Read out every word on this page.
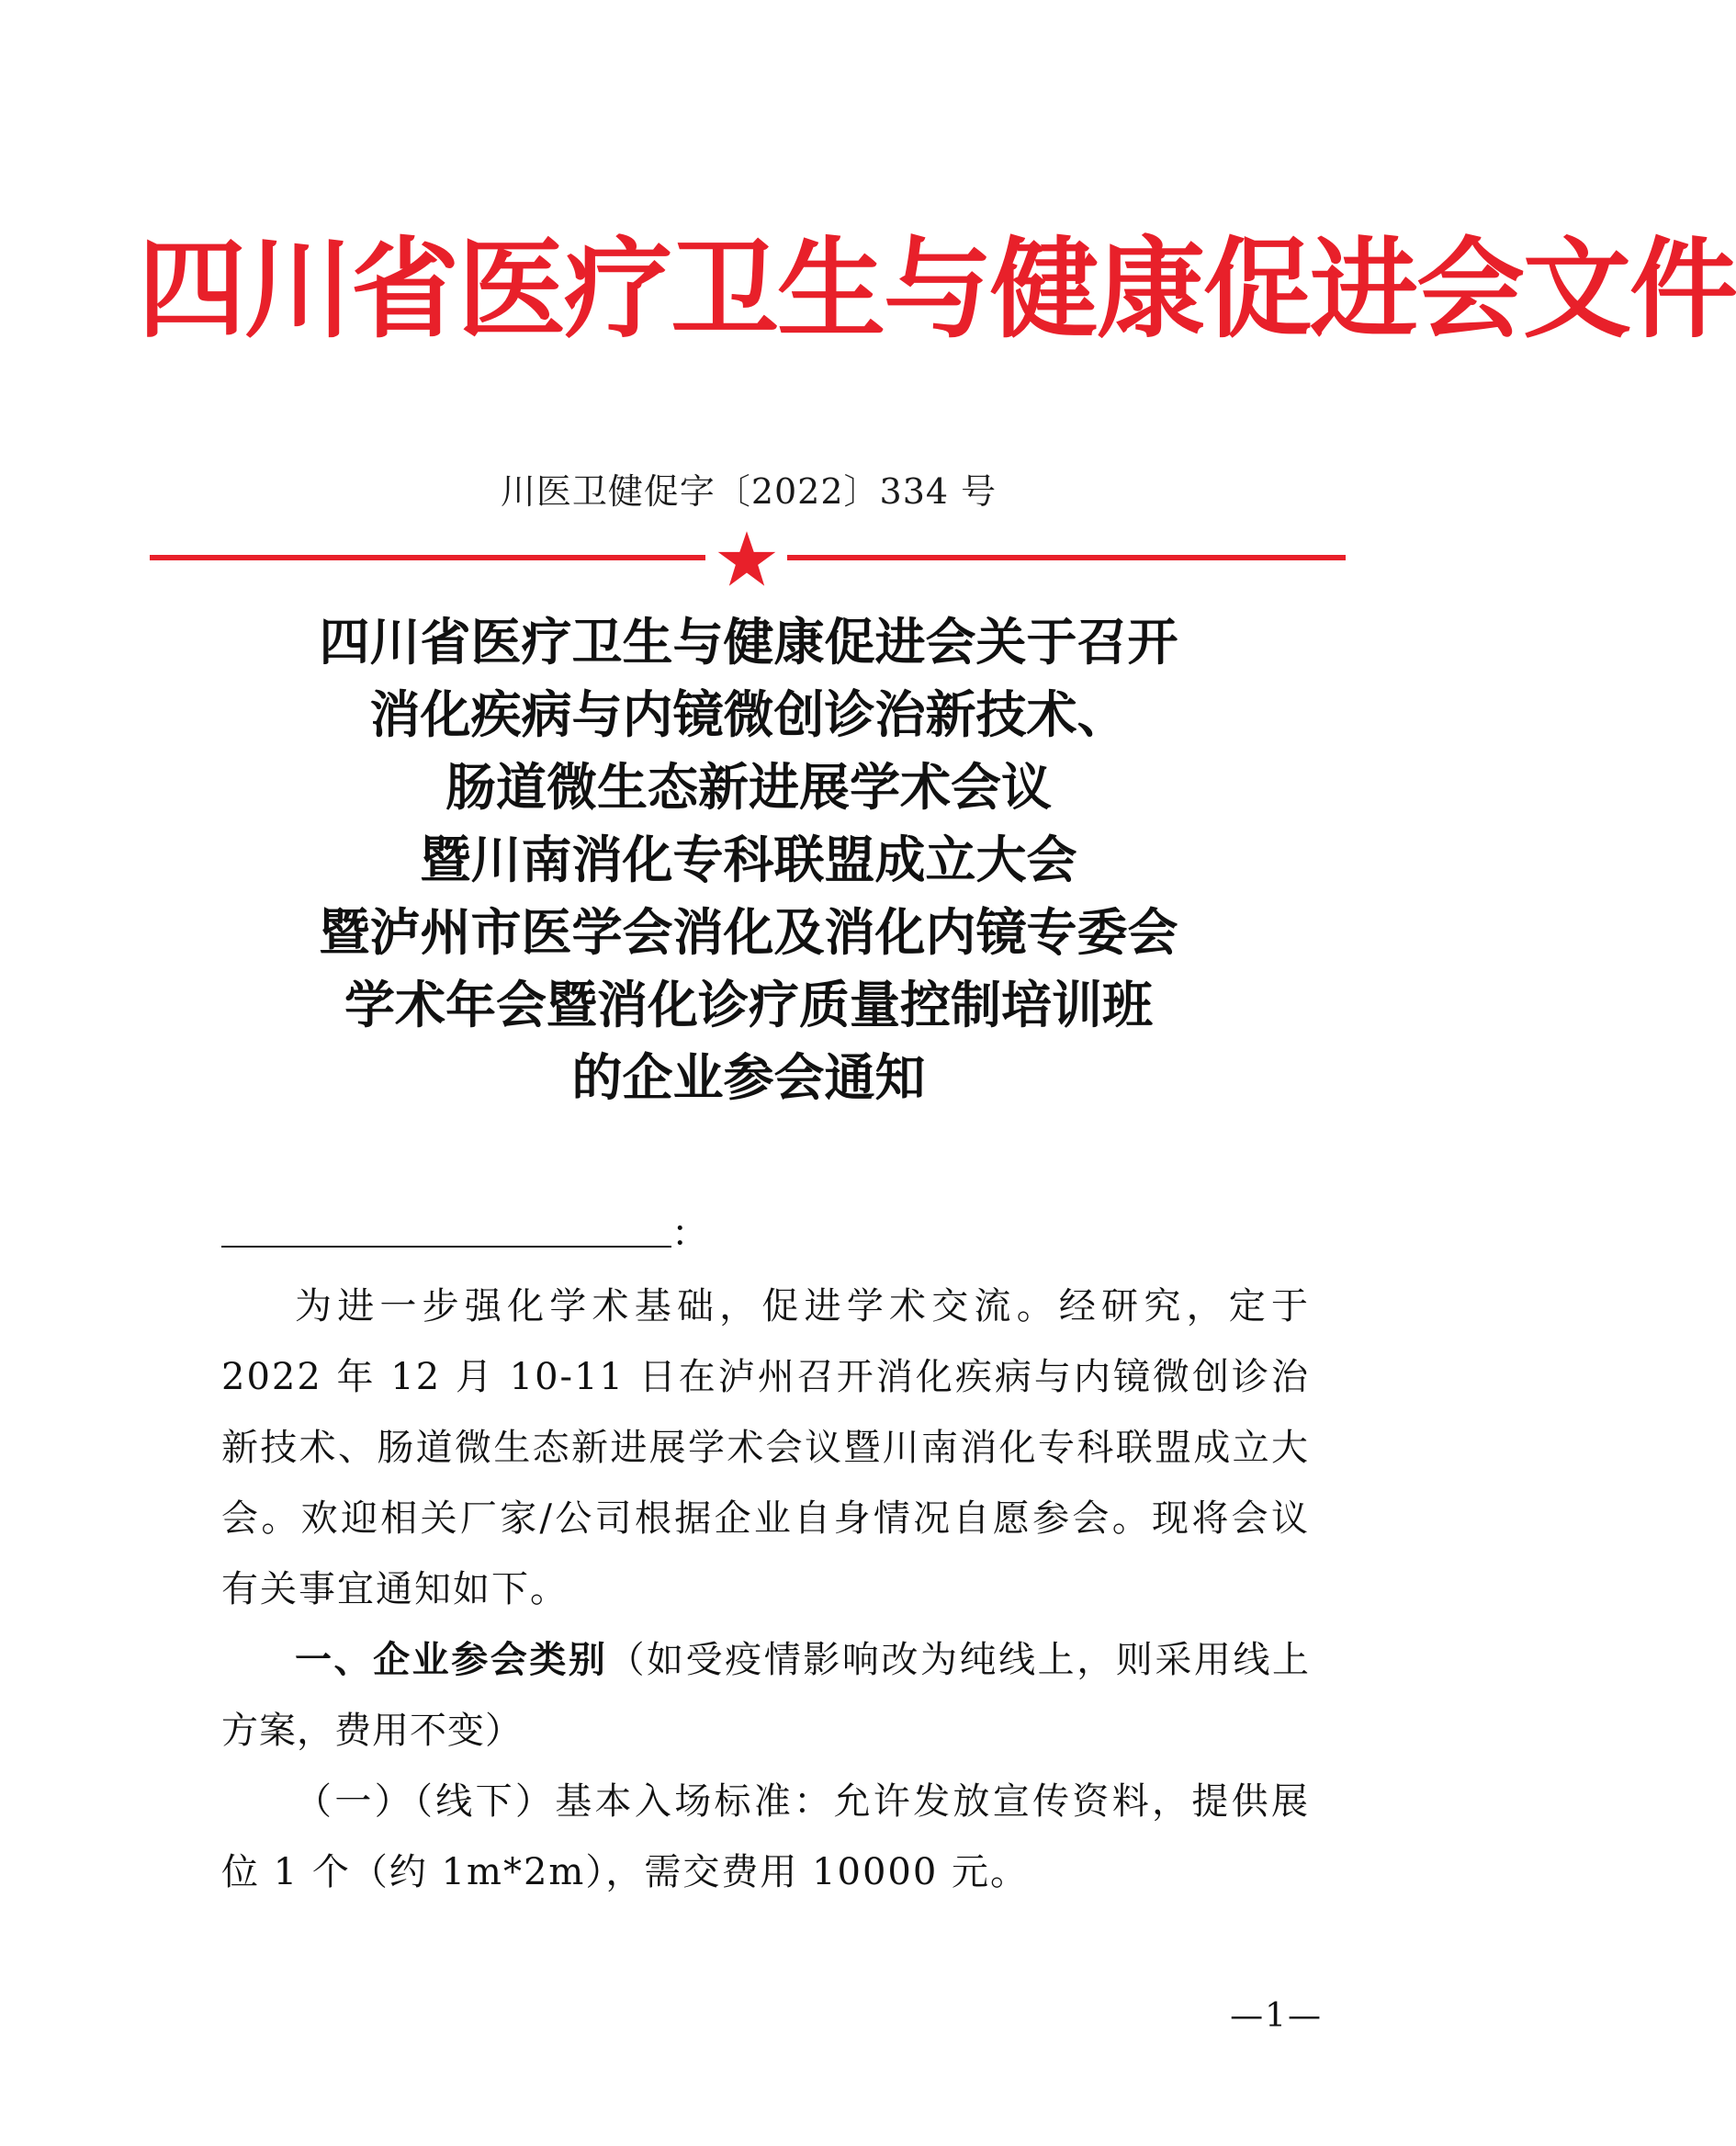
四川省医疗卫生与健康促进会文件
川医卫健促字〔2022〕334 号
四川省医疗卫生与健康促进会关于召开
消化疾病与内镜微创诊治新技术、
肠道微生态新进展学术会议
暨川南消化专科联盟成立大会
暨泸州市医学会消化及消化内镜专委会
学术年会暨消化诊疗质量控制培训班
的企业参会通知
：

为进一步强化学术基础，促进学术交流。经研究，定于2022 年 12 月 10-11 日在泸州召开消化疾病与内镜微创诊治新技术、肠道微生态新进展学术会议暨川南消化专科联盟成立大会。欢迎相关厂家/公司根据企业自身情况自愿参会。现将会议有关事宜通知如下。

一、企业参会类别（如受疫情影响改为纯线上，则采用线上方案，费用不变）

（一）（线下）基本入场标准：允许发放宣传资料，提供展位 1 个（约 1m*2m），需交费用 10000 元。

—1—
